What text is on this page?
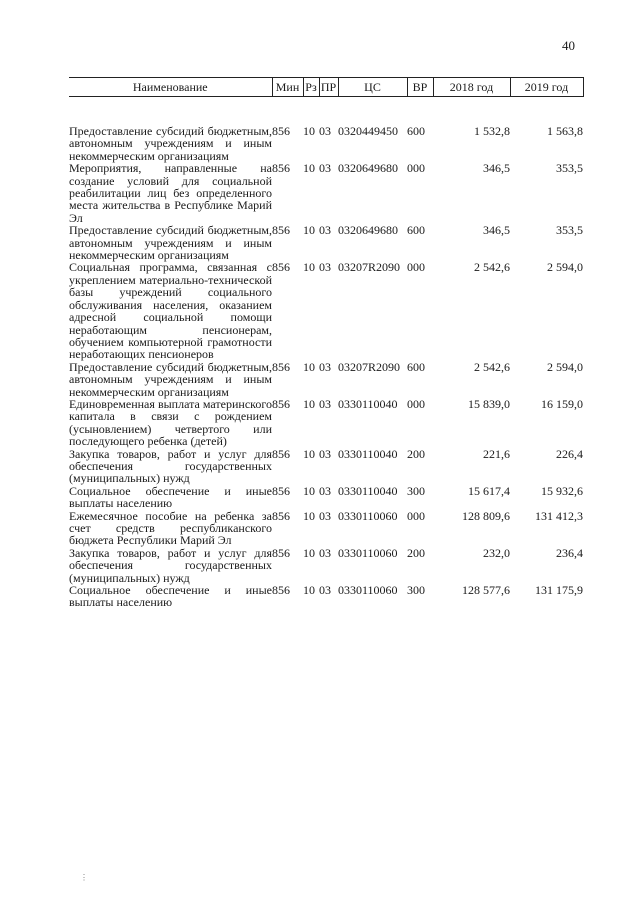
40
Наименование	Мин	Рз	ПР	ЦС	ВР	2018 год	2019 год
Предоставление субсидий бюджетным, автономным учреждениям и иным некоммерческим организациям	856	10	03	0320449450	600	1 532,8	1 563,8
Мероприятия, направленные на создание условий для социальной реабилитации лиц без определенного места жительства в Республике Марий Эл	856	10	03	0320649680	000	346,5	353,5
Предоставление субсидий бюджетным, автономным учреждениям и иным некоммерческим организациям	856	10	03	0320649680	600	346,5	353,5
Социальная программа, связанная с укреплением материально-технической базы учреждений социального обслуживания населения, оказанием адресной социальной помощи неработающим пенсионерам, обучением компьютерной грамотности неработающих пенсионеров	856	10	03	03207R2090	000	2 542,6	2 594,0
Предоставление субсидий бюджетным, автономным учреждениям и иным некоммерческим организациям	856	10	03	03207R2090	600	2 542,6	2 594,0
Единовременная выплата материнского капитала в связи с рождением (усыновлением) четвертого или последующего ребенка (детей)	856	10	03	0330110040	000	15 839,0	16 159,0
Закупка товаров, работ и услуг для обеспечения государственных (муниципальных) нужд	856	10	03	0330110040	200	221,6	226,4
Социальное обеспечение и иные выплаты населению	856	10	03	0330110040	300	15 617,4	15 932,6
Ежемесячное пособие на ребенка за счет средств республиканского бюджета Республики Марий Эл	856	10	03	0330110060	000	128 809,6	131 412,3
Закупка товаров, работ и услуг для обеспечения государственных (муниципальных) нужд	856	10	03	0330110060	200	232,0	236,4
Социальное обеспечение и иные выплаты населению	856	10	03	0330110060	300	128 577,6	131 175,9
⋮
